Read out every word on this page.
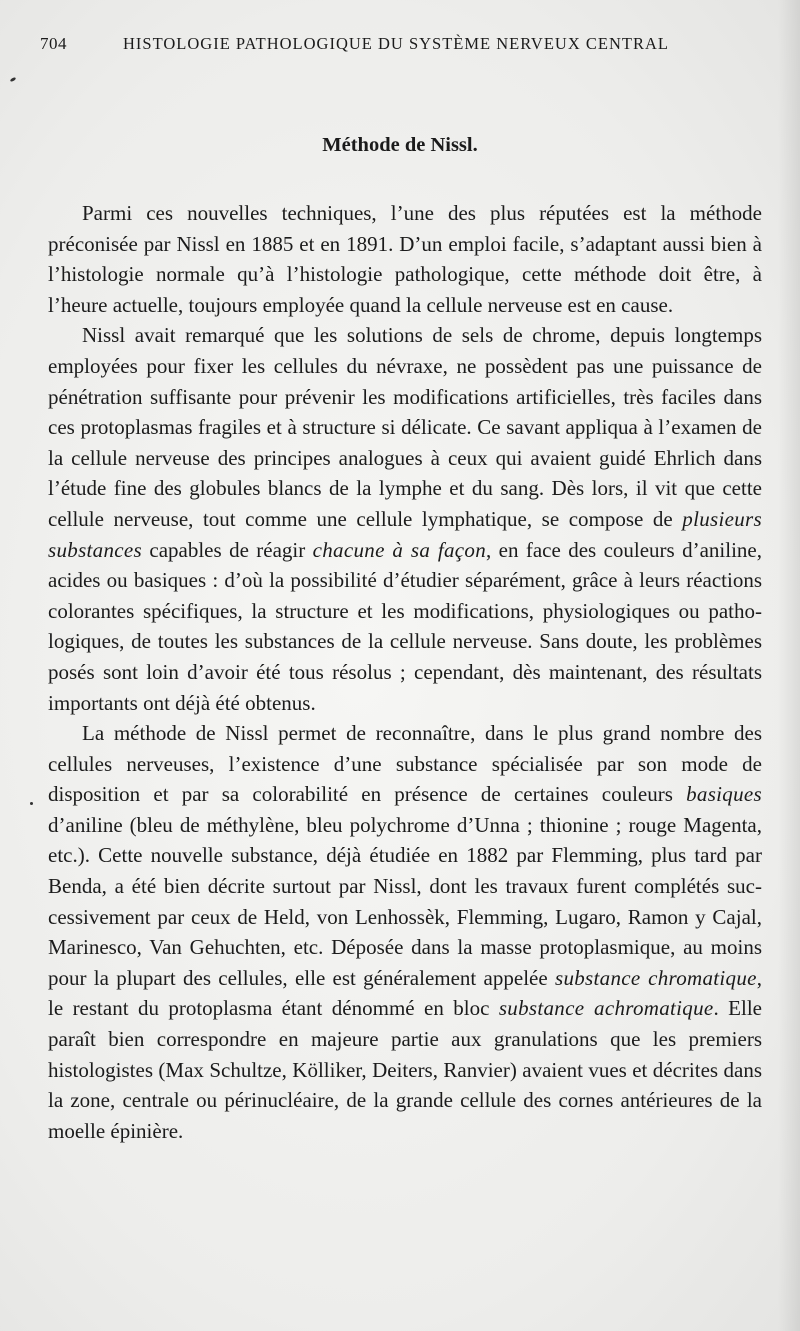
704	HISTOLOGIE PATHOLOGIQUE DU SYSTÈME NERVEUX CENTRAL
Méthode de Nissl.

Parmi ces nouvelles techniques, l’une des plus réputées est la méthode préconisée par Nissl en 1885 et en 1891. D’un emploi facile, s’adaptant aussi bien à l’histologie normale qu’à l’histologie pathologique, cette méthode doit être, à l’heure actuelle, toujours employée quand la cellule nerveuse est en cause.

Nissl avait remarqué que les solutions de sels de chrome, depuis longtemps employées pour fixer les cellules du névraxe, ne possèdent pas une puissance de pénétration suffisante pour prévenir les modifications artificielles, très faciles dans ces protoplasmas fragiles et à structure si délicate. Ce savant appliqua à l’examen de la cellule nerveuse des principes analogues à ceux qui avaient guidé Ehrlich dans l’étude fine des globules blancs de la lymphe et du sang. Dès lors, il vit que cette cellule nerveuse, tout comme une cellule lymphatique, se compose de plusieurs substances capables de réagir chacune à sa façon, en face des couleurs d’aniline, acides ou basiques : d’où la possibilité d’étudier séparément, grâce à leurs réactions colorantes spécifiques, la structure et les modifications, physiologiques ou pathologiques, de toutes les substances de la cellule nerveuse. Sans doute, les problèmes posés sont loin d’avoir été tous résolus ; cependant, dès maintenant, des résultats importants ont déjà été obtenus.

La méthode de Nissl permet de reconnaître, dans le plus grand nombre des cellules nerveuses, l’existence d’une substance spécialisée par son mode de disposition et par sa colorabilité en présence de certaines couleurs basiques d’aniline (bleu de méthylène, bleu polychrome d’Unna ; thionine ; rouge Magenta, etc.). Cette nouvelle substance, déjà étudiée en 1882 par Flemming, plus tard par Benda, a été bien décrite surtout par Nissl, dont les travaux furent complétés successivement par ceux de Held, von Lenhossèk, Flemming, Lugaro, Ramon y Cajal, Marinesco, Van Gehuchten, etc. Déposée dans la masse protoplasmique, au moins pour la plupart des cellules, elle est généralement appelée substance chromatique, le restant du protoplasma étant dénommé en bloc substance achromatique. Elle paraît bien correspondre en majeure partie aux granulations que les premiers histologistes (Max Schultze, Kölliker, Deiters, Ranvier) avaient vues et décrites dans la zone, centrale ou périnucléaire, de la grande cellule des cornes antérieures de la moelle épinière.
